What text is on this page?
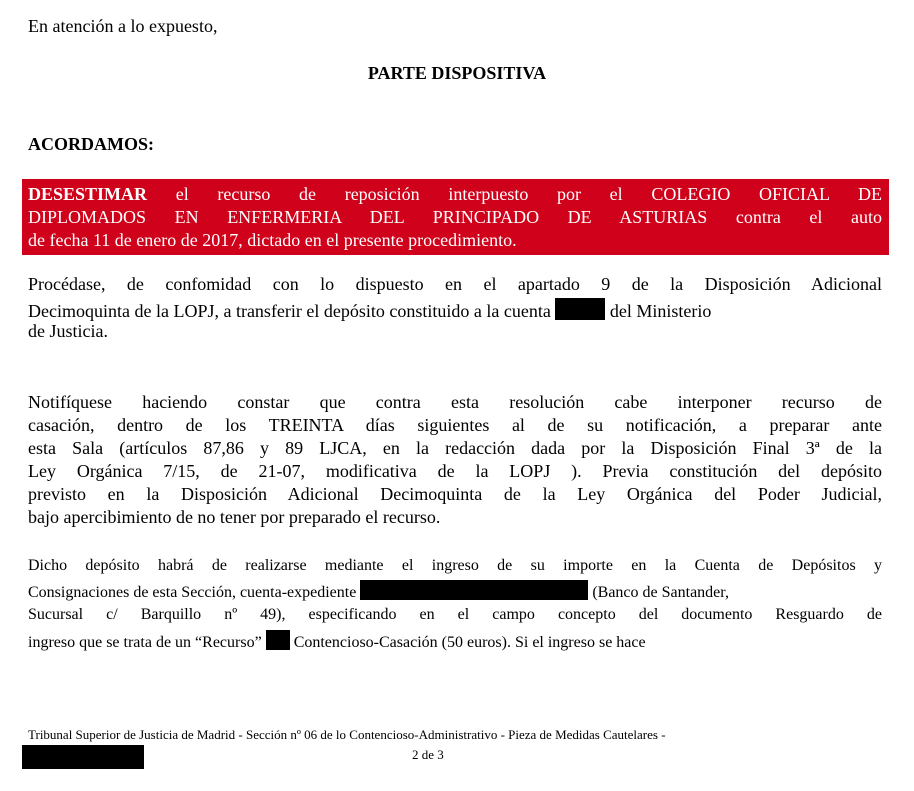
En atención a lo expuesto,
PARTE DISPOSITIVA
ACORDAMOS:
DESESTIMAR el recurso de reposición interpuesto por el COLEGIO OFICIAL DE
DIPLOMADOS EN ENFERMERIA DEL PRINCIPADO DE ASTURIAS contra el auto
de fecha 11 de enero de 2017, dictado en el presente procedimiento.
Procédase, de confomidad con lo dispuesto en el apartado 9 de la Disposición Adicional
Decimoquinta de la LOPJ, a transferir el depósito constituido a la cuenta	del Ministerio
de Justicia.
Notifíquese haciendo constar que contra esta resolución cabe interponer recurso de
casación, dentro de los TREINTA días siguientes al de su notificación, a preparar ante
esta Sala (artículos 87,86 y 89 LJCA, en la redacción dada por la Disposición Final 3ª de la
Ley Orgánica 7/15, de 21-07, modificativa de la LOPJ ). Previa constitución del depósito
previsto en la Disposición Adicional Decimoquinta de la Ley Orgánica del Poder Judicial,
bajo apercibimiento de no tener por preparado el recurso.
Dicho depósito habrá de realizarse mediante el ingreso de su importe en la Cuenta de Depósitos y
Consignaciones de esta Sección, cuenta-expediente	(Banco de Santander,
Sucursal c/ Barquillo nº 49), especificando en el campo concepto del documento Resguardo de
ingreso que se trata de un “Recurso” Contencioso-Casación (50 euros). Si el ingreso se hace
Tribunal Superior de Justicia de Madrid - Sección nº 06 de lo Contencioso-Administrativo - Pieza de Medidas Cautelares -
2 de 3
